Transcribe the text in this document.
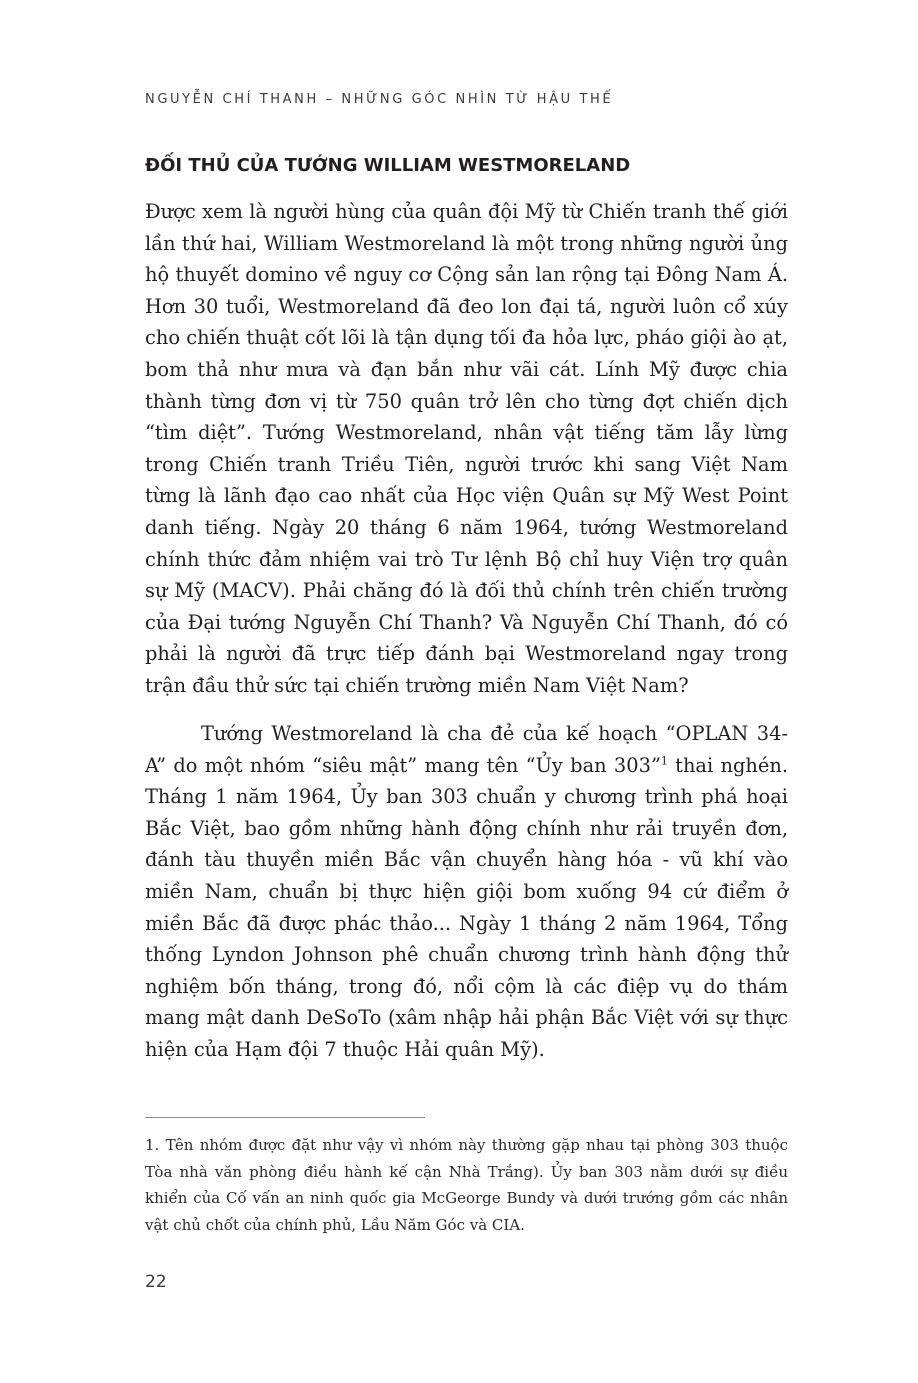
NGUYỄN CHÍ THANH – NHỮNG GÓC NHÌN TỪ HẬU THẾ
ĐỐI THỦ CỦA TƯỚNG WILLIAM WESTMORELAND

Được xem là người hùng của quân đội Mỹ từ Chiến tranh thế giới lần thứ hai, William Westmoreland là một trong những người ủng hộ thuyết domino về nguy cơ Cộng sản lan rộng tại Đông Nam Á. Hơn 30 tuổi, Westmoreland đã đeo lon đại tá, người luôn cổ xúy cho chiến thuật cốt lõi là tận dụng tối đa hỏa lực, pháo giội ào ạt, bom thả như mưa và đạn bắn như vãi cát. Lính Mỹ được chia thành từng đơn vị từ 750 quân trở lên cho từng đợt chiến dịch “tìm diệt”. Tướng Westmoreland, nhân vật tiếng tăm lẫy lừng trong Chiến tranh Triều Tiên, người trước khi sang Việt Nam từng là lãnh đạo cao nhất của Học viện Quân sự Mỹ West Point danh tiếng. Ngày 20 tháng 6 năm 1964, tướng Westmoreland chính thức đảm nhiệm vai trò Tư lệnh Bộ chỉ huy Viện trợ quân sự Mỹ (MACV). Phải chăng đó là đối thủ chính trên chiến trường của Đại tướng Nguyễn Chí Thanh? Và Nguyễn Chí Thanh, đó có phải là người đã trực tiếp đánh bại Westmoreland ngay trong trận đầu thử sức tại chiến trường miền Nam Việt Nam?

Tướng Westmoreland là cha đẻ của kế hoạch “OPLAN 34-A” do một nhóm “siêu mật” mang tên “Ủy ban 303”$^1$ thai nghén. Tháng 1 năm 1964, Ủy ban 303 chuẩn y chương trình phá hoại Bắc Việt, bao gồm những hành động chính như rải truyền đơn, đánh tàu thuyền miền Bắc vận chuyển hàng hóa - vũ khí vào miền Nam, chuẩn bị thực hiện giội bom xuống 94 cứ điểm ở miền Bắc đã được phác thảo... Ngày 1 tháng 2 năm 1964, Tổng thống Lyndon Johnson phê chuẩn chương trình hành động thử nghiệm bốn tháng, trong đó, nổi cộm là các điệp vụ do thám mang mật danh DeSoTo (xâm nhập hải phận Bắc Việt với sự thực hiện của Hạm đội 7 thuộc Hải quân Mỹ).

1. Tên nhóm được đặt như vậy vì nhóm này thường gặp nhau tại phòng 303 thuộc Tòa nhà văn phòng điều hành kế cận Nhà Trắng). Ủy ban 303 nằm dưới sự điều khiển của Cố vấn an ninh quốc gia McGeorge Bundy và dưới trướng gồm các nhân vật chủ chốt của chính phủ, Lầu Năm Góc và CIA.

22
